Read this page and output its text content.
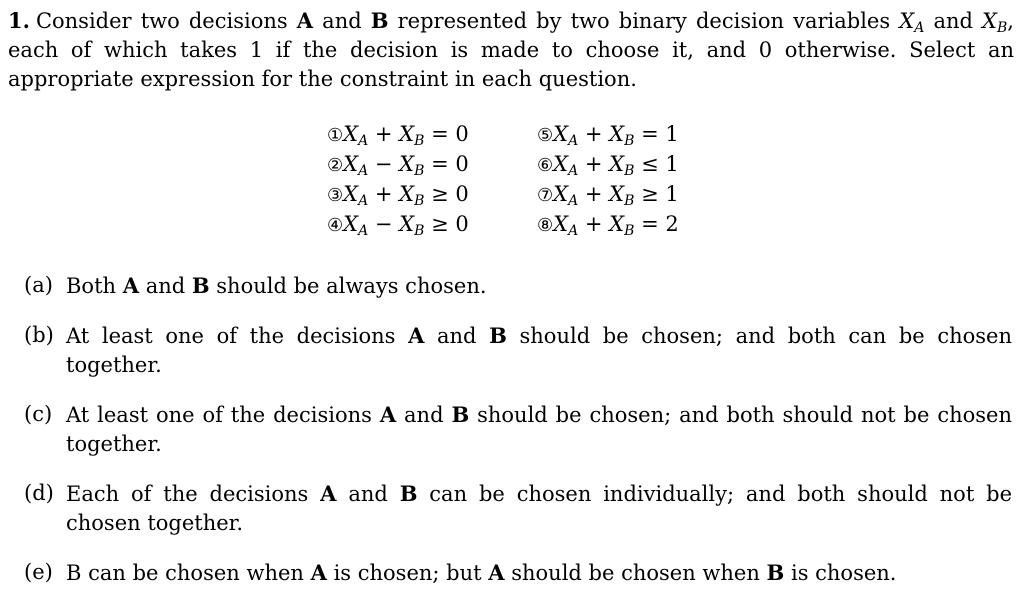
1. Consider two decisions A and B represented by two binary decision variables $X_A$ and $X_B$, each of which takes 1 if the decision is made to choose it, and 0 otherwise. Select an appropriate expression for the constraint in each question.
$①X_A + X_B = 0$	$⑤X_A + X_B = 1$
$②X_A - X_B = 0$	$⑥X_A + X_B \le 1$
$③X_A + X_B \ge 0$	$⑦X_A + X_B \ge 1$
$④X_A - X_B \ge 0$	$⑧X_A + X_B = 2$
(a) Both A and B should be always chosen.
(b) At least one of the decisions A and B should be chosen; and both can be chosen together.
(c) At least one of the decisions A and B should be chosen; and both should not be chosen together.
(d) Each of the decisions A and B can be chosen individually; and both should not be chosen together.
(e) B can be chosen when A is chosen; but A should be chosen when B is chosen.
